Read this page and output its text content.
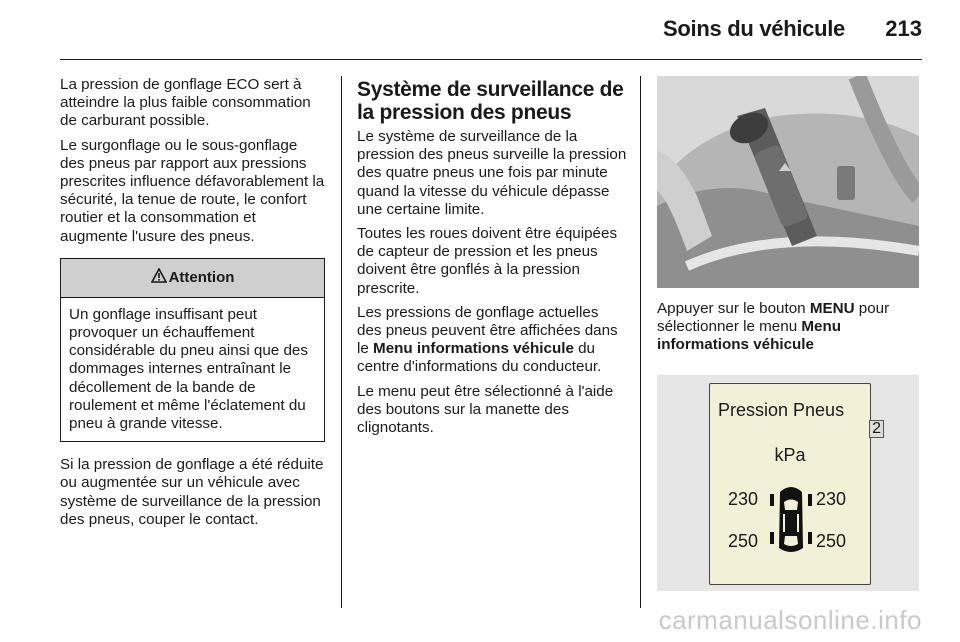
Soins du véhicule 213

La pression de gonflage ECO sert à atteindre la plus faible consommation de carburant possible.

Le surgonflage ou le sous-gonflage des pneus par rapport aux pressions prescrites influence défavorablement la sécurité, la tenue de route, le confort routier et la consommation et augmente l'usure des pneus.

Attention
Un gonflage insuffisant peut provoquer un échauffement considérable du pneu ainsi que des dommages internes entraînant le décollement de la bande de roulement et même l'éclatement du pneu à grande vitesse.

Si la pression de gonflage a été réduite ou augmentée sur un véhicule avec système de surveillance de la pression des pneus, couper le contact.

Système de surveillance de la pression des pneus

Le système de surveillance de la pression des pneus surveille la pression des quatre pneus une fois par minute quand la vitesse du véhicule dépasse une certaine limite.

Toutes les roues doivent être équipées de capteur de pression et les pneus doivent être gonflés à la pression prescrite.

Les pressions de gonflage actuelles des pneus peuvent être affichées dans le Menu informations véhicule du centre d'informations du conducteur.

Le menu peut être sélectionné à l'aide des boutons sur la manette des clignotants.

Appuyer sur le bouton MENU pour sélectionner le menu Menu informations véhicule

Pression Pneus
2
kPa
230	230
250	250
carmanualsonline.info
